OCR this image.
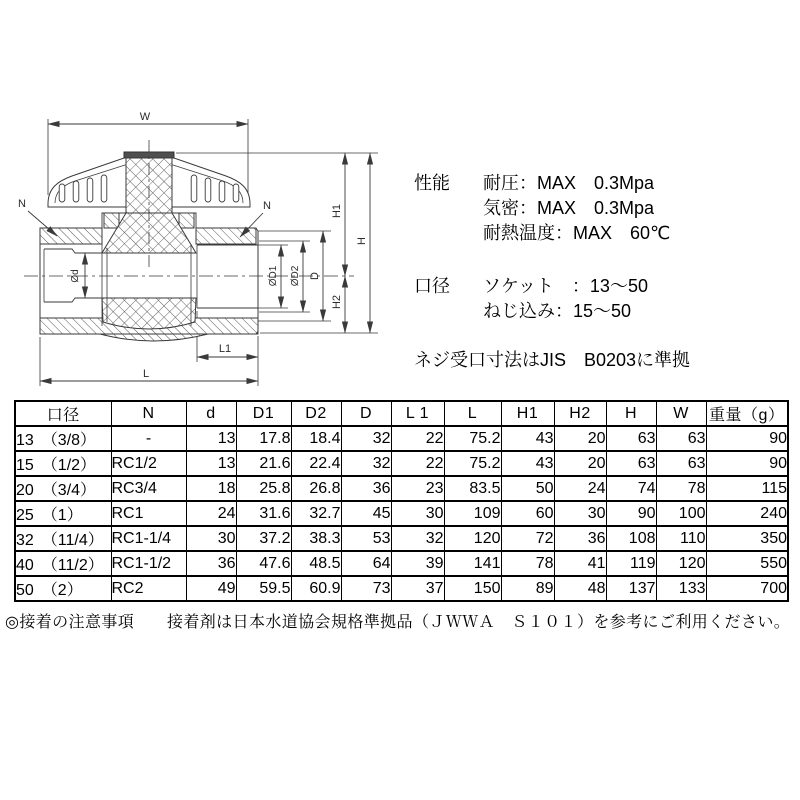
W
N	N
Ød	ØD1 ØD2 D
H1
H2
H
L1
L
性能	耐圧：MAX　0.3Mpa
気密：MAX　0.3Mpa
耐熱温度：MAX　60℃
口径	ソケット　：13～50
ねじ込み：15～50
ネジ受口寸法はJIS　B0203に準拠
口径	N	d	D1	D2	D	L 1	L	H1	H2	H	W	重量（g）
13　（3/8）	-	13	17.8	18.4	32	22	75.2	43	20	63	63	90
15　（1/2）	RC1/2	13	21.6	22.4	32	22	75.2	43	20	63	63	90
20　（3/4）	RC3/4	18	25.8	26.8	36	23	83.5	50	24	74	78	115
25　（1）	RC1	24	31.6	32.7	45	30	109	60	30	90	100	240
32　（11/4）	RC1-1/4	30	37.2	38.3	53	32	120	72	36	108	110	350
40　（11/2）	RC1-1/2	36	47.6	48.5	64	39	141	78	41	119	120	550
50　（2）	RC2	49	59.5	60.9	73	37	150	89	48	137	133	700
◎接着の注意事項　　接着剤は日本水道協会規格準拠品（ＪＷＷＡ　Ｓ１０１）を参考にご利用ください。
